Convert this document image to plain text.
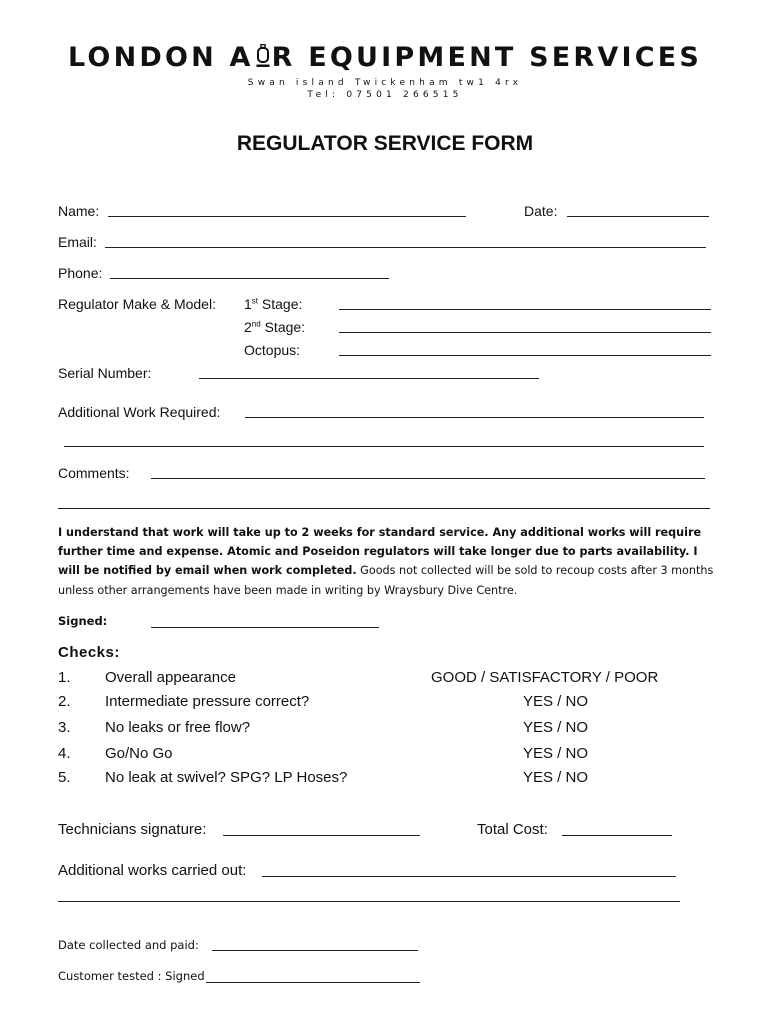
LONDON A R EQUIPMENT SERVICES
Swan island Twickenham tw1 4rx
Tel: 07501 266515
REGULATOR SERVICE FORM
Name:	Date:
Email:
Phone:
Regulator Make & Model: 1st Stage:
2nd Stage:
Octopus:
Serial Number:
Additional Work Required:
Comments:
I understand that work will take up to 2 weeks for standard service. Any additional works will require further time and expense. Atomic and Poseidon regulators will take longer due to parts availability. I will be notified by email when work completed. Goods not collected will be sold to recoup costs after 3 months unless other arrangements have been made in writing by Wraysbury Dive Centre.
Signed:
Checks:
1. Overall appearance	GOOD / SATISFACTORY / POOR
2. Intermediate pressure correct?	YES / NO
3. No leaks or free flow?	YES / NO
4. Go/No Go	YES / NO
5. No leak at swivel? SPG? LP Hoses?	YES / NO
Technicians signature:	Total Cost:
Additional works carried out:
Date collected and paid:
Customer tested : Signed
